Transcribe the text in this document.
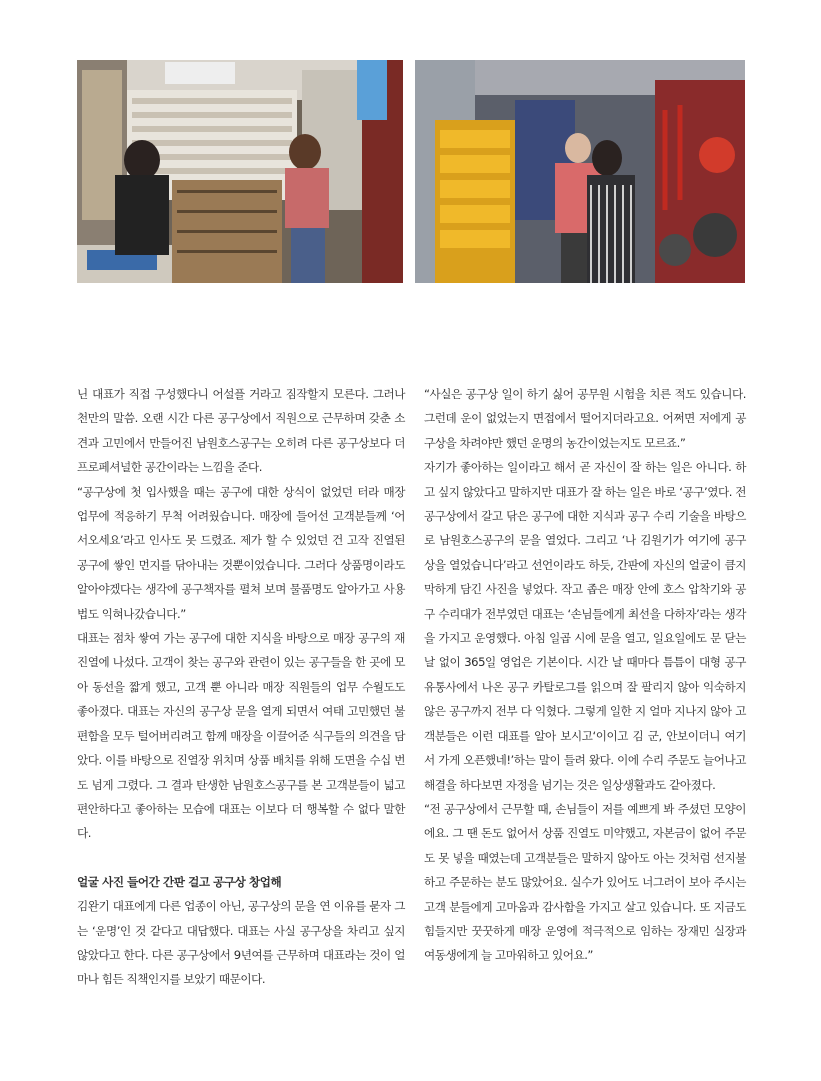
닌 대표가 직접 구성했다니 어설플 거라고 짐작할지 모른다. 그러나 천만의 말씀. 오랜 시간 다른 공구상에서 직원으로 근무하며 갖춘 소견과 고민에서 만들어진 남원호스공구는 오히려 다른 공구상보다 더 프로페셔널한 공간이라는 느낌을 준다.

“공구상에 첫 입사했을 때는 공구에 대한 상식이 없었던 터라 매장 업무에 적응하기 무척 어려웠습니다. 매장에 들어선 고객분들께 ‘어서오세요’라고 인사도 못 드렸죠. 제가 할 수 있었던 건 고작 진열된 공구에 쌓인 먼지를 닦아내는 것뿐이었습니다. 그러다 상품명이라도 알아야겠다는 생각에 공구책자를 펼쳐 보며 물품명도 알아가고 사용법도 익혀나갔습니다.”

대표는 점차 쌓여 가는 공구에 대한 지식을 바탕으로 매장 공구의 재진열에 나섰다. 고객이 찾는 공구와 관련이 있는 공구들을 한 곳에 모아 동선을 짧게 했고, 고객 뿐 아니라 매장 직원들의 업무 수월도도 좋아졌다. 대표는 자신의 공구상 문을 열게 되면서 여태 고민했던 불편함을 모두 털어버리려고 함께 매장을 이끌어준 식구들의 의견을 담았다. 이를 바탕으로 진열장 위치며 상품 배치를 위해 도면을 수십 번도 넘게 그렸다. 그 결과 탄생한 남원호스공구를 본 고객분들이 넓고 편안하다고 좋아하는 모습에 대표는 이보다 더 행복할 수 없다 말한다.

얼굴 사진 들어간 간판 걸고 공구상 창업해

김완기 대표에게 다른 업종이 아닌, 공구상의 문을 연 이유를 묻자 그는 ‘운명’인 것 같다고 대답했다. 대표는 사실 공구상을 차리고 싶지 않았다고 한다. 다른 공구상에서 9년여를 근무하며 대표라는 것이 얼마나 힘든 직책인지를 보았기 때문이다.

“사실은 공구상 일이 하기 싫어 공무원 시험을 치른 적도 있습니다. 그런데 운이 없었는지 면접에서 떨어지더라고요. 어쩌면 저에게 공구상을 차려야만 했던 운명의 농간이었는지도 모르죠.”

자기가 좋아하는 일이라고 해서 곧 자신이 잘 하는 일은 아니다. 하고 싶지 않았다고 말하지만 대표가 잘 하는 일은 바로 ‘공구’였다. 전 공구상에서 갈고 닦은 공구에 대한 지식과 공구 수리 기술을 바탕으로 남원호스공구의 문을 열었다. 그리고 ‘나 김원기가 여기에 공구상을 열었습니다’라고 선언이라도 하듯, 간판에 자신의 얼굴이 큼지막하게 담긴 사진을 넣었다. 작고 좁은 매장 안에 호스 압착기와 공구 수리대가 전부였던 대표는 ‘손님들에게 최선을 다하자’라는 생각을 가지고 운영했다. 아침 일곱 시에 문을 열고, 일요일에도 문 닫는 날 없이 365일 영업은 기본이다. 시간 날 때마다 틈틈이 대형 공구유통사에서 나온 공구 카탈로그를 읽으며 잘 팔리지 않아 익숙하지 않은 공구까지 전부 다 익혔다. 그렇게 일한 지 얼마 지나지 않아 고객분들은 이런 대표를 알아 보시고‘이이고 김 군, 안보이더니 여기서 가게 오픈했네!’하는 말이 들려 왔다. 이에 수리 주문도 늘어나고 해결을 하다보면 자정을 넘기는 것은 일상생활과도 같아졌다.

“전 공구상에서 근무할 때, 손님들이 저를 예쁘게 봐 주셨던 모양이에요. 그 땐 돈도 없어서 상품 진열도 미약했고, 자본금이 없어 주문도 못 넣을 때였는데 고객분들은 말하지 않아도 아는 것처럼 선지불 하고 주문하는 분도 많았어요. 실수가 있어도 너그러이 보아 주시는 고객 분들에게 고마움과 감사함을 가지고 살고 있습니다. 또 지금도 힘들지만 꿋꿋하게 매장 운영에 적극적으로 임하는 장재민 실장과 여동생에게 늘 고마워하고 있어요.”
